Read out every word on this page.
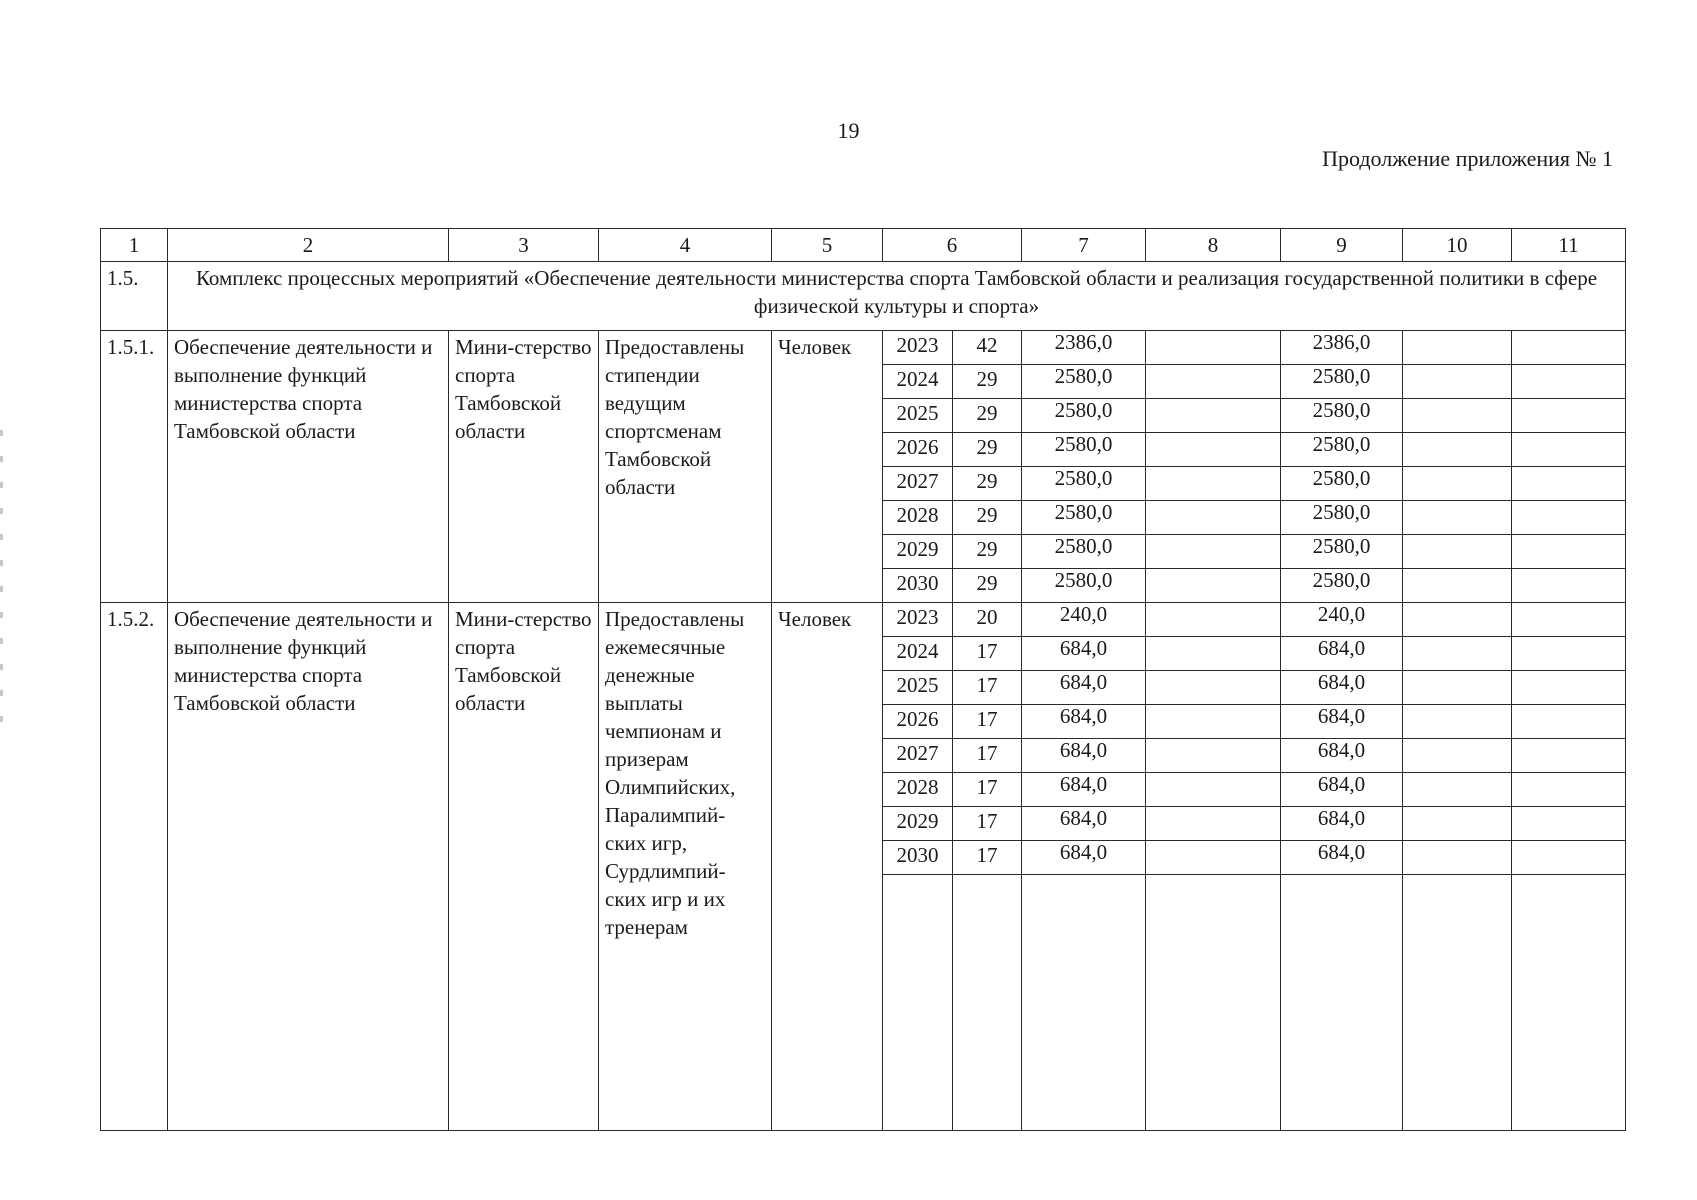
19
Продолжение приложения № 1
1	2	3	4	5	6		7	8	9	10	11
1.5.	Комплекс процессных мероприятий «Обеспечение деятельности министерства спорта Тамбовской области и реализация государственной политики в сфере физической культуры и спорта»										
1.5.1.	Обеспечение деятельности и выполнение функций министерства спорта Тамбовской области	Мини-стерство спорта Тамбовской области	Предоставлены стипендии ведущим спортсменам Тамбовской области	Человек	2023	42	2386,0		2386,0		
					2024	29	2580,0		2580,0		
					2025	29	2580,0		2580,0		
					2026	29	2580,0		2580,0		
					2027	29	2580,0		2580,0		
					2028	29	2580,0		2580,0		
					2029	29	2580,0		2580,0		
					2030	29	2580,0		2580,0		
1.5.2.	Обеспечение деятельности и выполнение функций министерства спорта Тамбовской области	Мини-стерство спорта Тамбовской области	Предоставлены ежемесячные денежные выплаты чемпионам и призерам Олимпийских, Паралимпий-ских игр, Сурдлимпий-ских игр и их тренерам	Человек	2023	20	240,0		240,0		
					2024	17	684,0		684,0		
					2025	17	684,0		684,0		
					2026	17	684,0		684,0		
					2027	17	684,0		684,0		
					2028	17	684,0		684,0		
					2029	17	684,0		684,0		
					2030	17	684,0		684,0		
